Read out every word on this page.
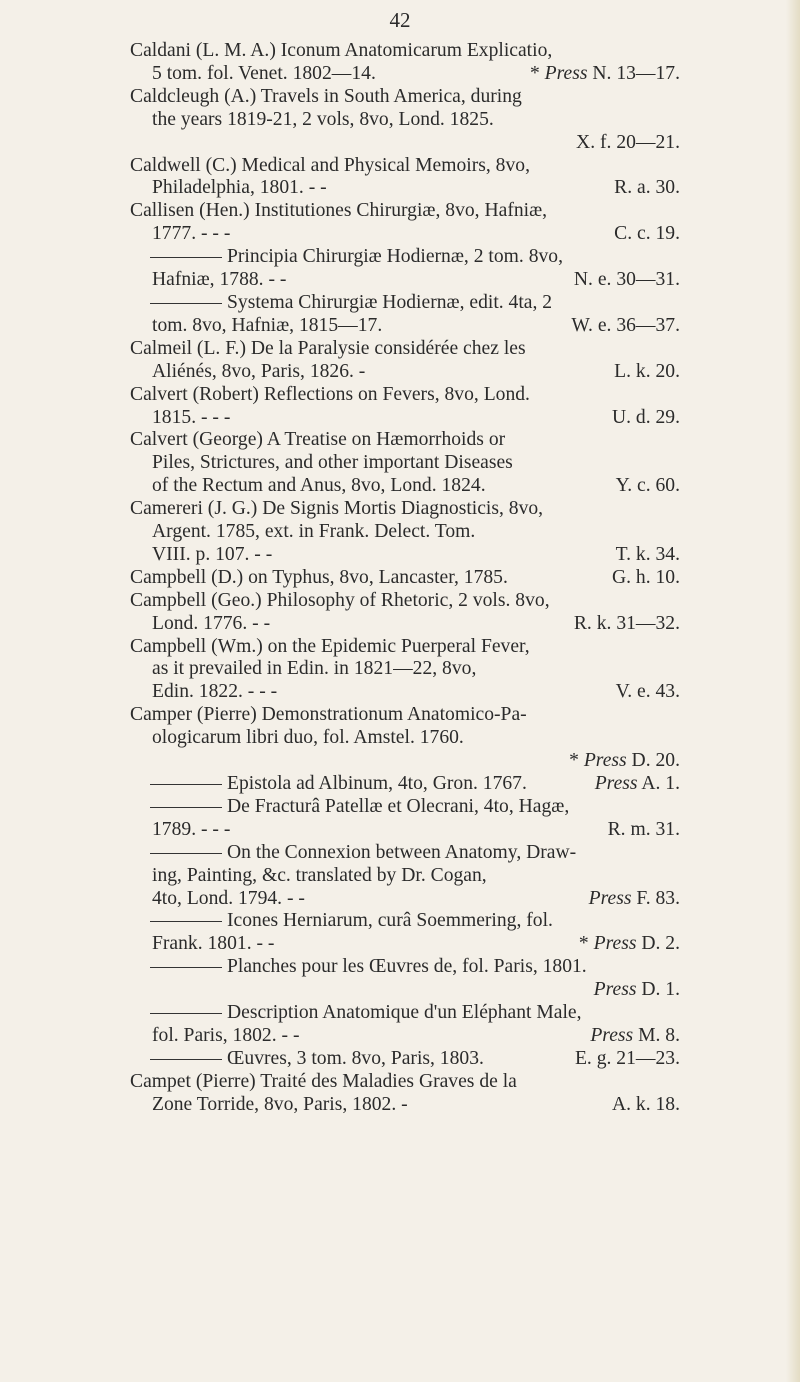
42
Caldani (L. M. A.) Iconum Anatomicarum Explicatio,
5 tom. fol. Venet. 1802—14.	* Press N. 13—17.
Caldcleugh (A.) Travels in South America, during
the years 1819-21, 2 vols, 8vo, Lond. 1825.
X. f. 20—21.
Caldwell (C.) Medical and Physical Memoirs, 8vo,
Philadelphia, 1801. - -	R. a. 30.
Callisen (Hen.) Institutiones Chirurgiæ, 8vo, Hafniæ,
1777. - - -	C. c. 19.
Principia Chirurgiæ Hodiernæ, 2 tom. 8vo,
Hafniæ, 1788. - -	N. e. 30—31.
Systema Chirurgiæ Hodiernæ, edit. 4ta, 2
tom. 8vo, Hafniæ, 1815—17.	W. e. 36—37.
Calmeil (L. F.) De la Paralysie considérée chez les
Aliénés, 8vo, Paris, 1826. -	L. k. 20.
Calvert (Robert) Reflections on Fevers, 8vo, Lond.
1815. - - -	U. d. 29.
Calvert (George) A Treatise on Hæmorrhoids or
Piles, Strictures, and other important Diseases
of the Rectum and Anus, 8vo, Lond. 1824.	Y. c. 60.
Camereri (J. G.) De Signis Mortis Diagnosticis, 8vo,
Argent. 1785, ext. in Frank. Delect. Tom.
VIII. p. 107. - -	T. k. 34.
Campbell (D.) on Typhus, 8vo, Lancaster, 1785.	G. h. 10.
Campbell (Geo.) Philosophy of Rhetoric, 2 vols. 8vo,
Lond. 1776. - -	R. k. 31—32.
Campbell (Wm.) on the Epidemic Puerperal Fever,
as it prevailed in Edin. in 1821—22, 8vo,
Edin. 1822. - - -	V. e. 43.
Camper (Pierre) Demonstrationum Anatomico-Pa-
ologicarum libri duo, fol. Amstel. 1760.
* Press D. 20.
Epistola ad Albinum, 4to, Gron. 1767.	Press A. 1.
De Fracturâ Patellæ et Olecrani, 4to, Hagæ,
1789. - - -	R. m. 31.
On the Connexion between Anatomy, Draw-
ing, Painting, &c. translated by Dr. Cogan,
4to, Lond. 1794. - -	Press F. 83.
Icones Herniarum, curâ Soemmering, fol.
Frank. 1801. - -	* Press D. 2.
Planches pour les Œuvres de, fol. Paris, 1801.
Press D. 1.
Description Anatomique d'un Eléphant Male,
fol. Paris, 1802. - -	Press M. 8.
Œuvres, 3 tom. 8vo, Paris, 1803.	E. g. 21—23.
Campet (Pierre) Traité des Maladies Graves de la
Zone Torride, 8vo, Paris, 1802. -	A. k. 18.
